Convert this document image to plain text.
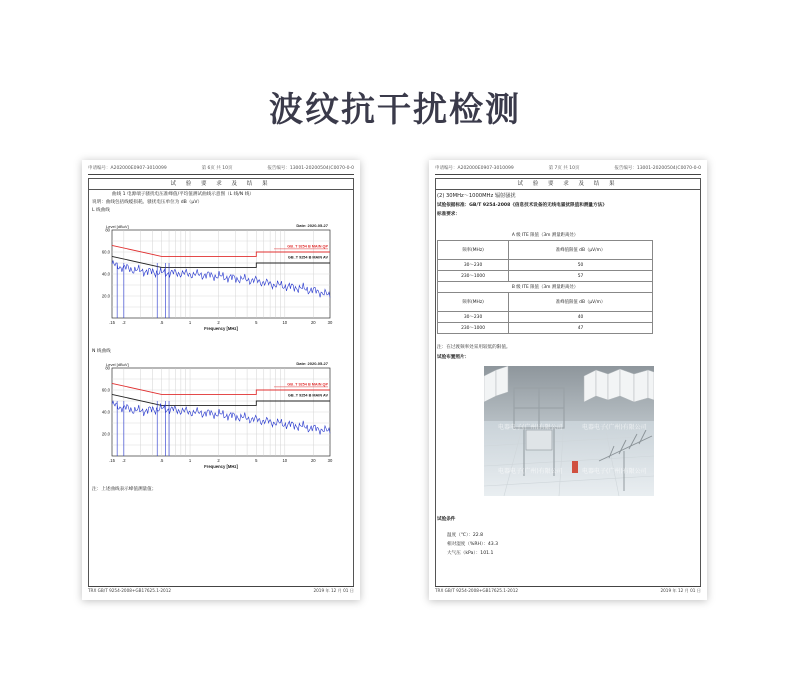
波纹抗干扰检测
申请编号：A202000E0907-3010099	第 6页 共 10页	报告编号：13001-20200504(C0070-0-0
试 验 要 求 及 结 果
曲线 1 电源端子骚扰电压准峰值/平均值测试曲线示意图（L 线/N 线）
说明：曲线包括线缆损耗。骚扰电压单位为 dB（μV）
L 线曲线
80
60.0
40.0
20.0
.15 .2	.5	1	2	5	10	20	30
Level [dBuV]
Frequency [MHz]
Date: 2020-05-27
GB_T 9254 B MAIN QP
GB_T 9254 B MAIN AV
N 线曲线
80
60.0
40.0
20.0
.15 .2	.5	1	2	5	10	20	30
Level [dBuV]
Frequency [MHz]
Date: 2020-05-27
GB_T 9254 B MAIN QP
GB_T 9254 B MAIN AV
注：上述曲线表示峰值测量值；
TRX GB/T 9254-2008+GB17625.1-2012	2019 年 12 月 01 日
申请编号：A202000E0907-3010099	第 7页 共 10页	报告编号：13001-20200504(C0070-0-0
试 验 要 求 及 结 果
(2) 30MHz～1000MHz 辐射骚扰
试验依据标准：GB/T 9254-2008《信息技术设备的无线电骚扰限值和测量方法》
标准要求：
A 级 ITE 限值（3m 测量距离处）	
频率(MHz)	准峰值限值 dB（μV/m）
30～230	50
230～1000	57
B 级 ITE 限值（3m 测量距离处）	
频率(MHz)	准峰值限值 dB（μV/m）
30～230	40
230～1000	47
注：在过渡频率处采用较低的限值。
试验布置照片：
电器电子(广州)有限公司	电器电子(广州)有限公司
电器电子(广州)有限公司	电器电子(广州)有限公司
试验条件
温度（℃）：22.8
相对湿度（%RH）：43.3
大气压（kPa）：101.1
TRX GB/T 9254-2008+GB17625.1-2012	2019 年 12 月 01 日
